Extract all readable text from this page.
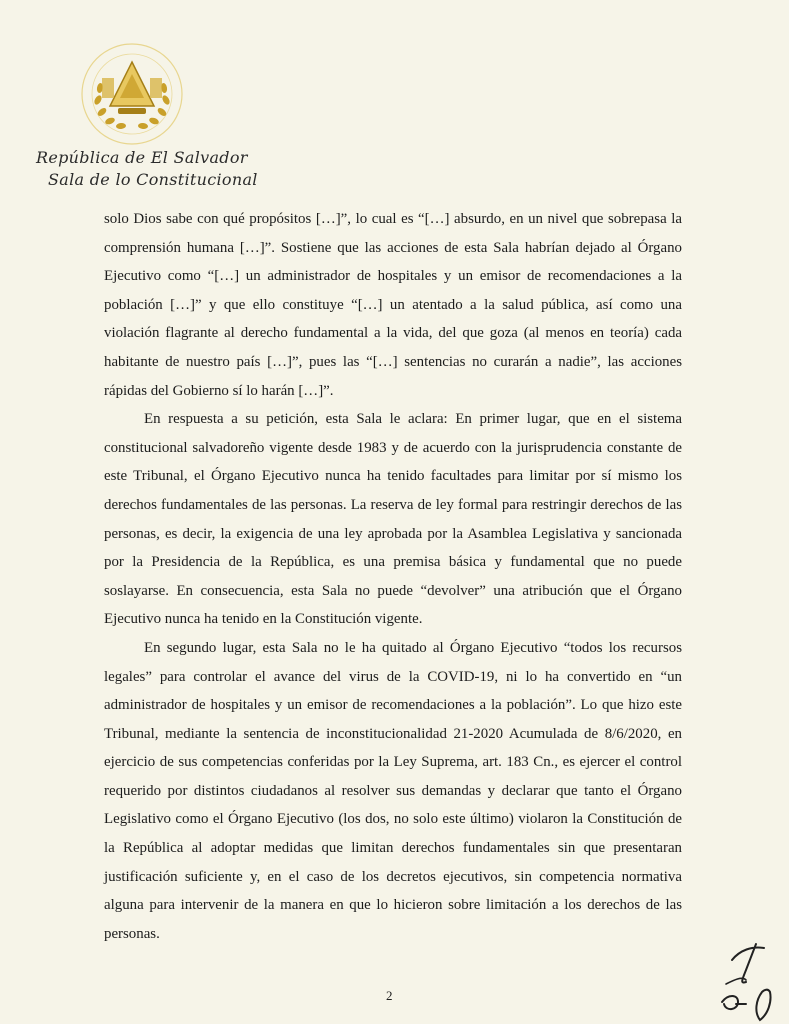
República de El Salvador
Sala de lo Constitucional

solo Dios sabe con qué propósitos […]”, lo cual es “[…] absurdo, en un nivel que sobrepasa la comprensión humana […]”. Sostiene que las acciones de esta Sala habrían dejado al Órgano Ejecutivo como “[…] un administrador de hospitales y un emisor de recomendaciones a la población […]” y que ello constituye “[…] un atentado a la salud pública, así como una violación flagrante al derecho fundamental a la vida, del que goza (al menos en teoría) cada habitante de nuestro país […]”, pues las “[…] sentencias no curarán a nadie”, las acciones rápidas del Gobierno sí lo harán […]”.

En respuesta a su petición, esta Sala le aclara: En primer lugar, que en el sistema constitucional salvadoreño vigente desde 1983 y de acuerdo con la jurisprudencia constante de este Tribunal, el Órgano Ejecutivo nunca ha tenido facultades para limitar por sí mismo los derechos fundamentales de las personas. La reserva de ley formal para restringir derechos de las personas, es decir, la exigencia de una ley aprobada por la Asamblea Legislativa y sancionada por la Presidencia de la República, es una premisa básica y fundamental que no puede soslayarse. En consecuencia, esta Sala no puede “devolver” una atribución que el Órgano Ejecutivo nunca ha tenido en la Constitución vigente.

En segundo lugar, esta Sala no le ha quitado al Órgano Ejecutivo “todos los recursos legales” para controlar el avance del virus de la COVID-19, ni lo ha convertido en “un administrador de hospitales y un emisor de recomendaciones a la población”. Lo que hizo este Tribunal, mediante la sentencia de inconstitucionalidad 21-2020 Acumulada de 8/6/2020, en ejercicio de sus competencias conferidas por la Ley Suprema, art. 183 Cn., es ejercer el control requerido por distintos ciudadanos al resolver sus demandas y declarar que tanto el Órgano Legislativo como el Órgano Ejecutivo (los dos, no solo este último) violaron la Constitución de la República al adoptar medidas que limitan derechos fundamentales sin que presentaran justificación suficiente y, en el caso de los decretos ejecutivos, sin competencia normativa alguna para intervenir de la manera en que lo hicieron sobre limitación a los derechos de las personas.

2
